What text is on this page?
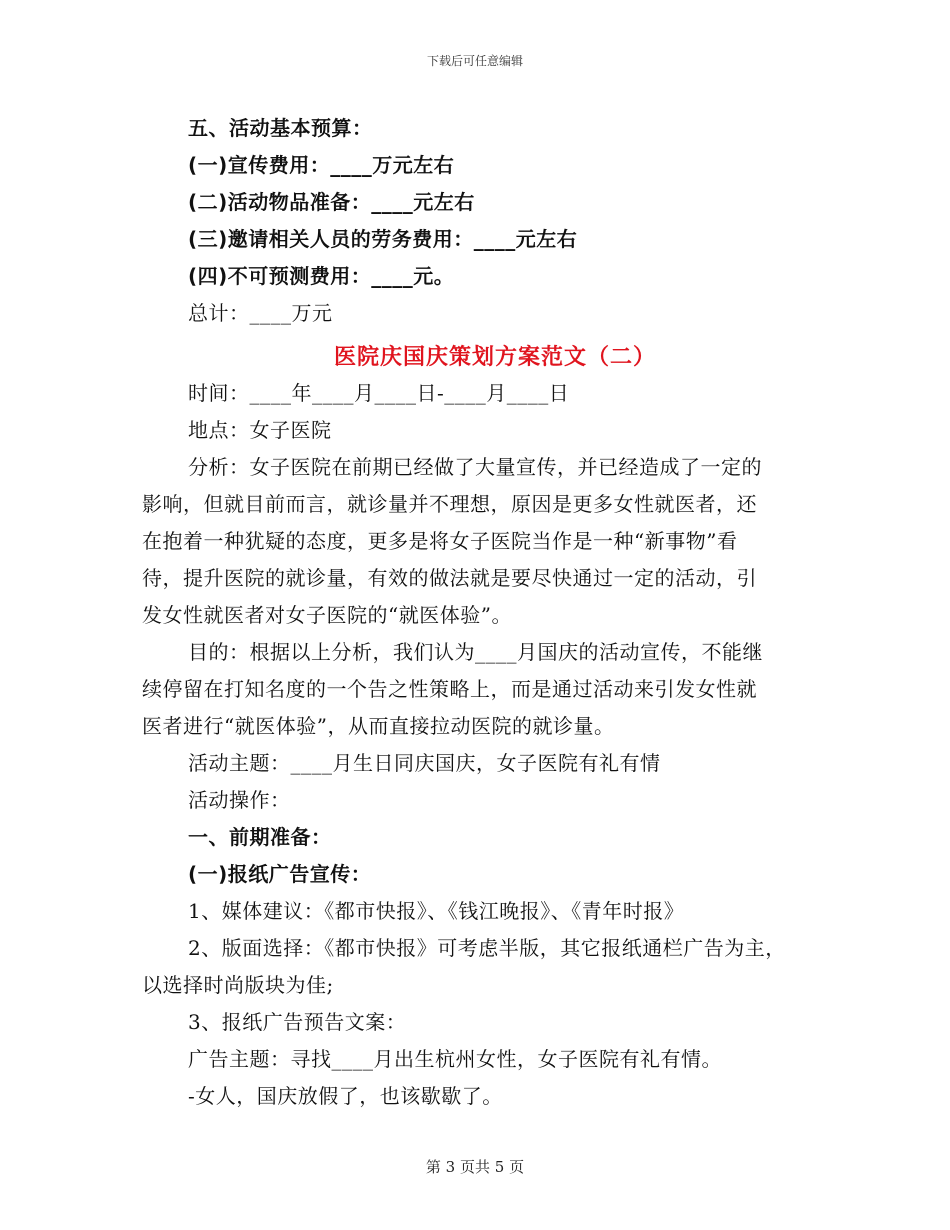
下载后可任意编辑
五、活动基本预算：
(一)宣传费用：____万元左右
(二)活动物品准备：____元左右
(三)邀请相关人员的劳务费用：____元左右
(四)不可预测费用：____元。
总计：____万元
医院庆国庆策划方案范文（二）
时间：____年____月____日-____月____日
地点：女子医院
分析：女子医院在前期已经做了大量宣传，并已经造成了一定的
影响，但就目前而言，就诊量并不理想，原因是更多女性就医者，还
在抱着一种犹疑的态度，更多是将女子医院当作是一种“新事物”看
待，提升医院的就诊量，有效的做法就是要尽快通过一定的活动，引
发女性就医者对女子医院的“就医体验”。
目的：根据以上分析，我们认为____月国庆的活动宣传，不能继
续停留在打知名度的一个告之性策略上，而是通过活动来引发女性就
医者进行“就医体验”，从而直接拉动医院的就诊量。
活动主题：____月生日同庆国庆，女子医院有礼有情
活动操作：
一、前期准备：
(一)报纸广告宣传：
1、媒体建议：《都市快报》、《钱江晚报》、《青年时报》
2、版面选择：《都市快报》可考虑半版，其它报纸通栏广告为主，
以选择时尚版块为佳;
3、报纸广告预告文案：
广告主题：寻找____月出生杭州女性，女子医院有礼有情。
-女人，国庆放假了，也该歇歇了。
第 3 页共 5 页
